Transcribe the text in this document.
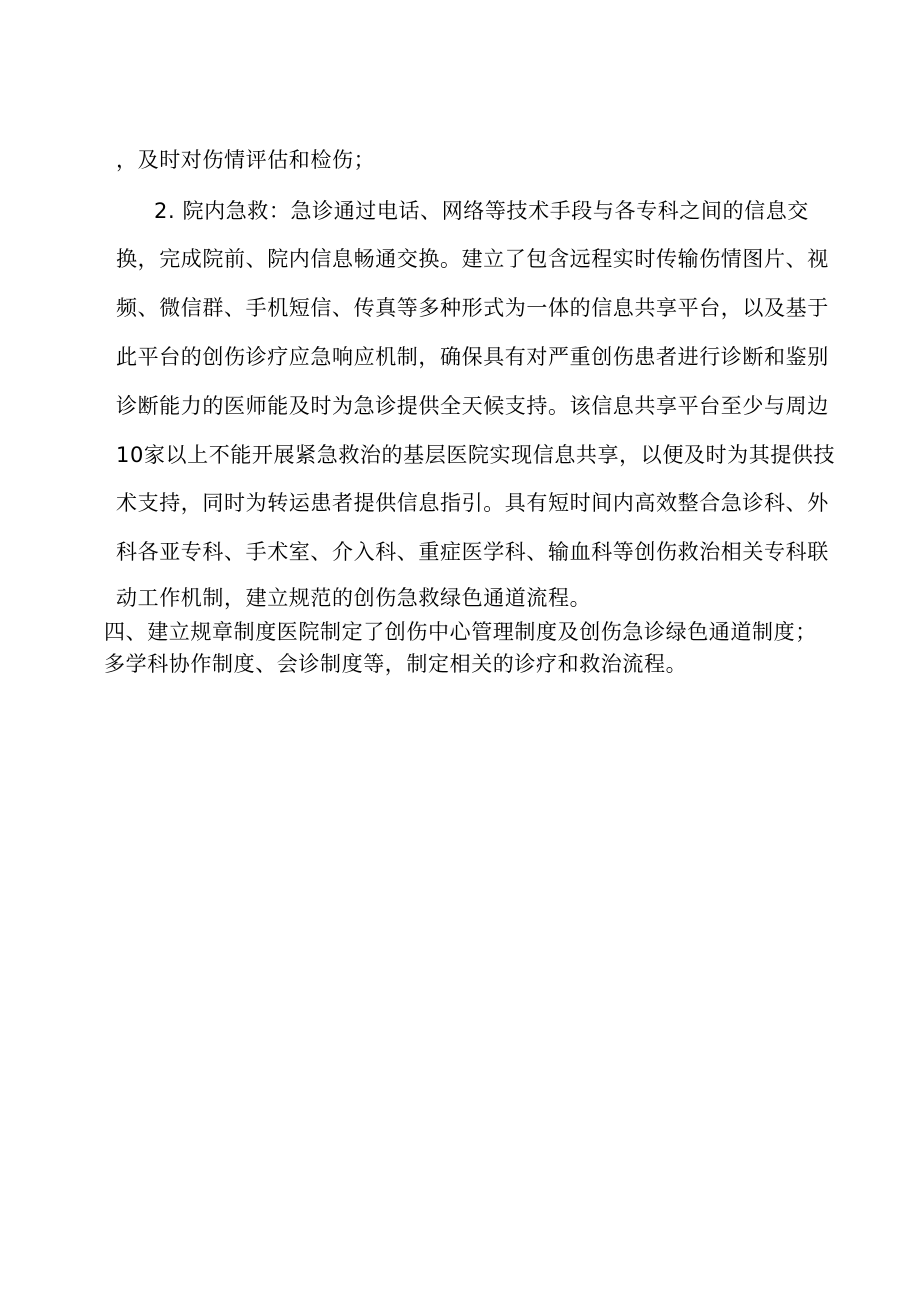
，及时对伤情评估和检伤；
2. 院内急救：急诊通过电话、网络等技术手段与各专科之间的信息交
换，完成院前、院内信息畅通交换。建立了包含远程实时传输伤情图片、视
频、微信群、手机短信、传真等多种形式为一体的信息共享平台，以及基于
此平台的创伤诊疗应急响应机制，确保具有对严重创伤患者进行诊断和鉴别
诊断能力的医师能及时为急诊提供全天候支持。该信息共享平台至少与周边
10家以上不能开展紧急救治的基层医院实现信息共享，以便及时为其提供技
术支持，同时为转运患者提供信息指引。具有短时间内高效整合急诊科、外
科各亚专科、手术室、介入科、重症医学科、输血科等创伤救治相关专科联
动工作机制，建立规范的创伤急救绿色通道流程。
四、建立规章制度医院制定了创伤中心管理制度及创伤急诊绿色通道制度；
多学科协作制度、会诊制度等，制定相关的诊疗和救治流程。
